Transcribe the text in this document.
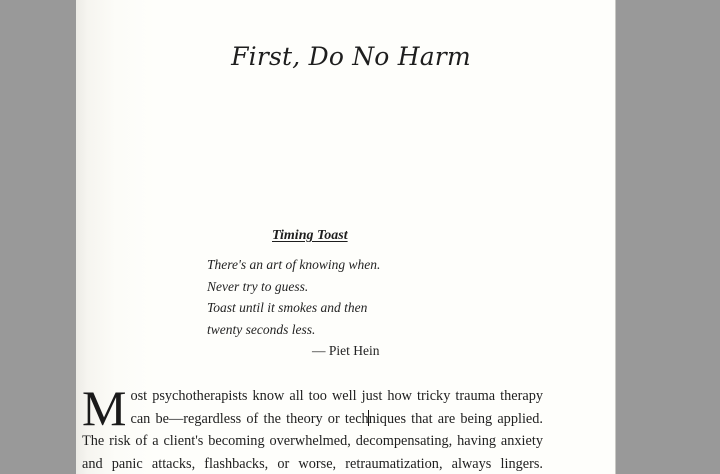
First, Do No Harm
Timing Toast
There's an art of knowing when.
Never try to guess.
Toast until it smokes and then
twenty seconds less.
— Piet Hein
M ost psychotherapists know all too well just how tricky trauma therapy
can be—regardless of the theory or techniques that are being applied.
The risk of a client's becoming overwhelmed, decompensating, having anxiety
and panic attacks, flashbacks, or worse, retraumatization, always lingers.
